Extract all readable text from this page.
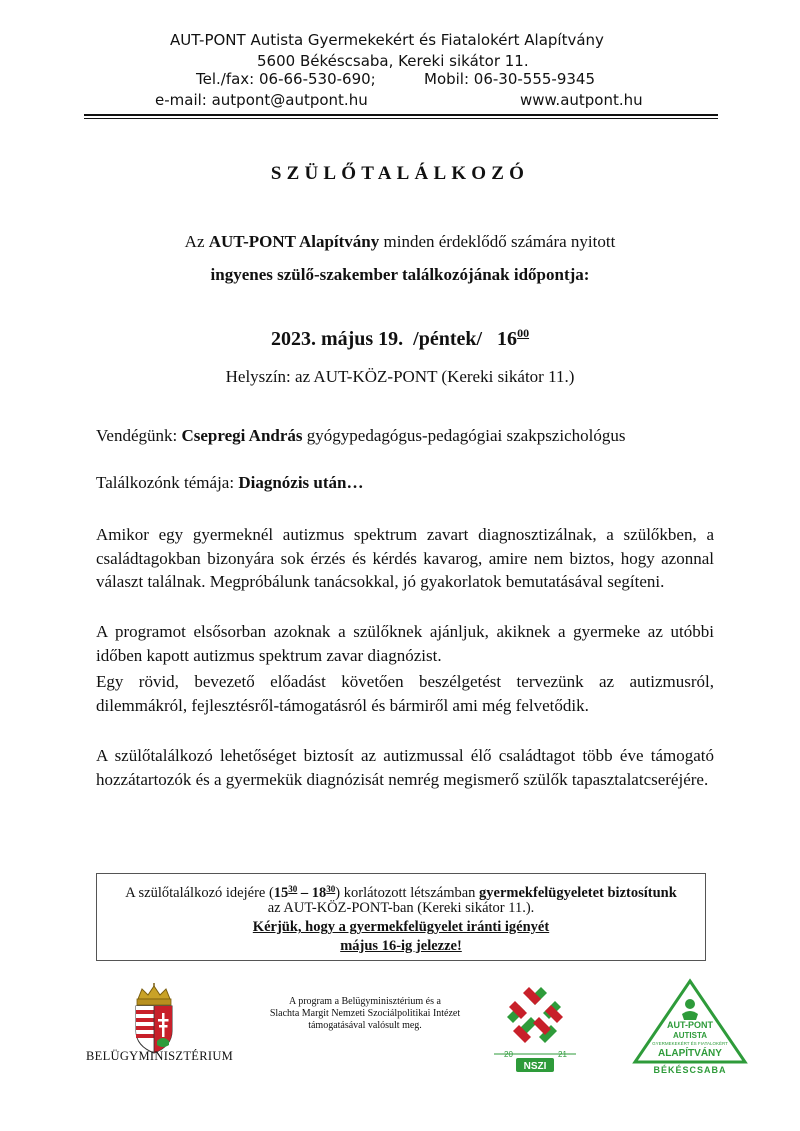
AUT-PONT Autista Gyermekekért és Fiatalokért Alapítvány
5600 Békéscsaba, Kereki sikátor 11.
Tel./fax: 06-66-530-690;	Mobil: 06-30-555-9345
e-mail: autpont@autpont.hu	www.autpont.hu
SZÜLŐTALÁLKOZÓ
Az AUT-PONT Alapítvány minden érdeklődő számára nyitott
ingyenes szülő-szakember találkozójának időpontja:
2023. május 19.  /péntek/   $16^{00}$
Helyszín: az AUT-KÖZ-PONT (Kereki sikátor 11.)
Vendégünk: Csepregi András gyógypedagógus-pedagógiai szakpszichológus
Találkozónk témája: Diagnózis után…
Amikor egy gyermeknél autizmus spektrum zavart diagnosztizálnak, a szülőkben, a családtagokban bizonyára sok érzés és kérdés kavarog, amire nem biztos, hogy azonnal választ találnak. Megpróbálunk tanácsokkal, jó gyakorlatok bemutatásával segíteni.
A programot elsősorban azoknak a szülőknek ajánljuk, akiknek a gyermeke az utóbbi időben kapott autizmus spektrum zavar diagnózist.
Egy rövid, bevezető előadást követően beszélgetést tervezünk az autizmusról, dilemmákról, fejlesztésről-támogatásról és bármiről ami még felvetődik.
A szülőtalálkozó lehetőséget biztosít az autizmussal élő családtagot több éve támogató hozzátartozók és a gyermekük diagnózisát nemrég megismerő szülők tapasztalatcseréjére.
A szülőtalálkozó idejére $(15^{30} - 18^{30})$ korlátozott létszámban gyermekfelügyeletet biztosítunk
az AUT-KÖZ-PONT-ban (Kereki sikátor 11.).
Kérjük, hogy a gyermekfelügyelet iránti igényét
május 16-ig jelezze!
BELÜGYMINISZTÉRIUM
A program a Belügyminisztérium és a
Slachta Margit Nemzeti Szociálpolitikai Intézet
támogatásával valósult meg.
20	21
NSZI
AUT-PONT
AUTISTA
GYERMEKEKÉRT ÉS FIATALOKÉRT
ALAPÍTVÁNY
BÉKÉSCSABA
